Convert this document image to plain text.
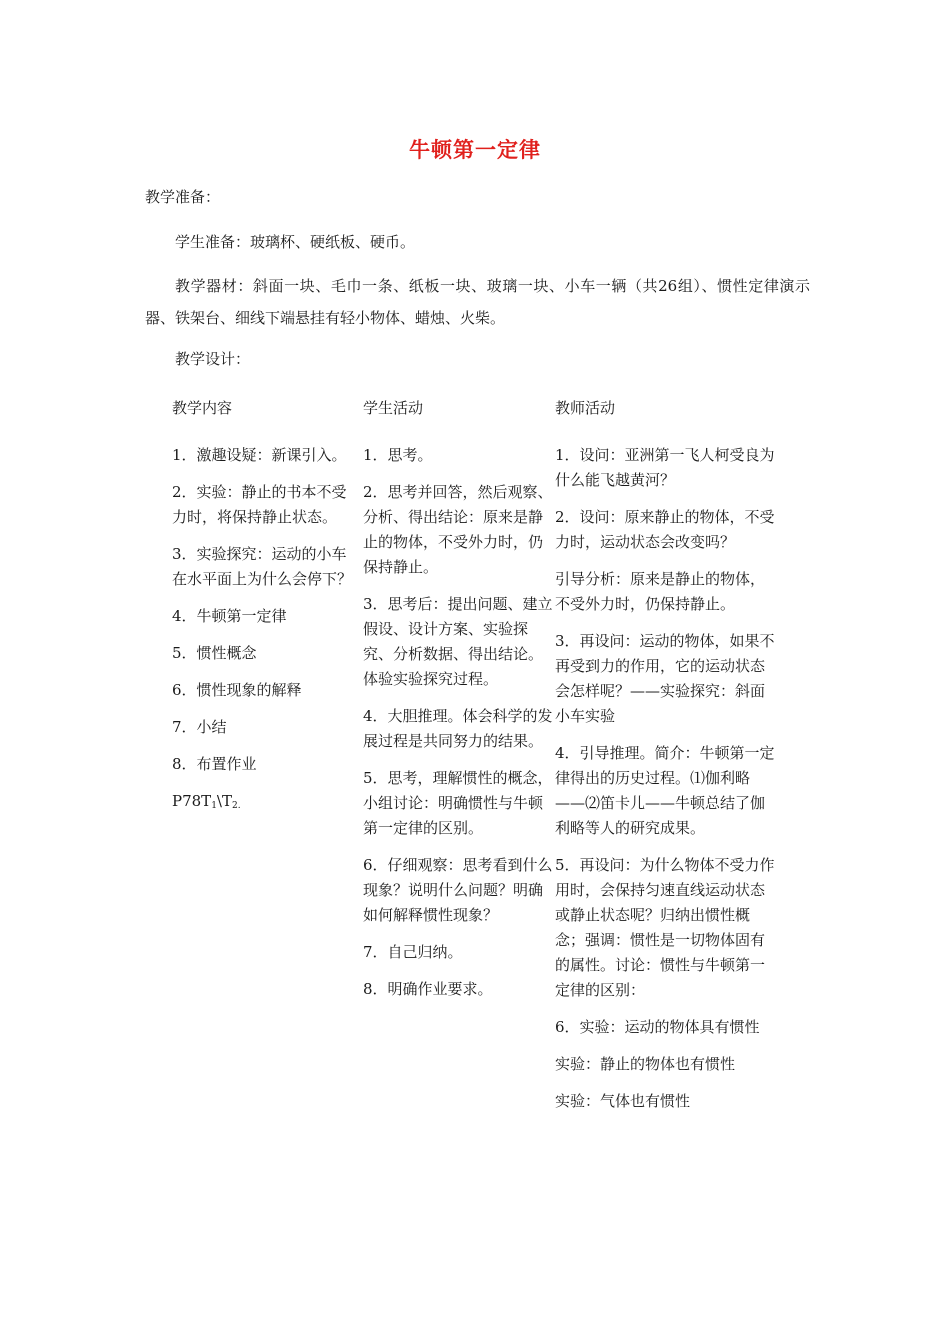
牛顿第一定律
教学准备：
学生准备：玻璃杯、硬纸板、硬币。
教学器材：斜面一块、毛巾一条、纸板一块、玻璃一块、小车一辆（共26组）、惯性定律演示器、铁架台、细线下端悬挂有轻小物体、蜡烛、火柴。
教学设计：
教学内容
1．激趣设疑：新课引入。
2．实验：静止的书本不受力时，将保持静止状态。
3．实验探究：运动的小车在水平面上为什么会停下？
4．牛顿第一定律
5．惯性概念
6．惯性现象的解释
7．小结
8．布置作业
$P78T_1\backslash T_{2.}$
学生活动
1．思考。
2．思考并回答，然后观察、分析、得出结论：原来是静止的物体，不受外力时，仍保持静止。
3．思考后：提出问题、建立假设、设计方案、实验探究、分析数据、得出结论。体验实验探究过程。
4．大胆推理。体会科学的发展过程是共同努力的结果。
5．思考，理解惯性的概念，小组讨论：明确惯性与牛顿第一定律的区别。
6．仔细观察：思考看到什么现象？说明什么问题？明确如何解释惯性现象？
7．自己归纳。
8．明确作业要求。
教师活动
1．设问：亚洲第一飞人柯受良为什么能飞越黄河？
2．设问：原来静止的物体，不受力时，运动状态会改变吗？
引导分析：原来是静止的物体，不受外力时，仍保持静止。
3．再设问：运动的物体，如果不再受到力的作用，它的运动状态会怎样呢？——实验探究：斜面小车实验
4．引导推理。简介：牛顿第一定律得出的历史过程。⑴伽利略——⑵笛卡儿——牛顿总结了伽利略等人的研究成果。
5．再设问：为什么物体不受力作用时，会保持匀速直线运动状态或静止状态呢？归纳出惯性概念；强调：惯性是一切物体固有的属性。讨论：惯性与牛顿第一定律的区别：
6．实验：运动的物体具有惯性
实验：静止的物体也有惯性
实验：气体也有惯性
